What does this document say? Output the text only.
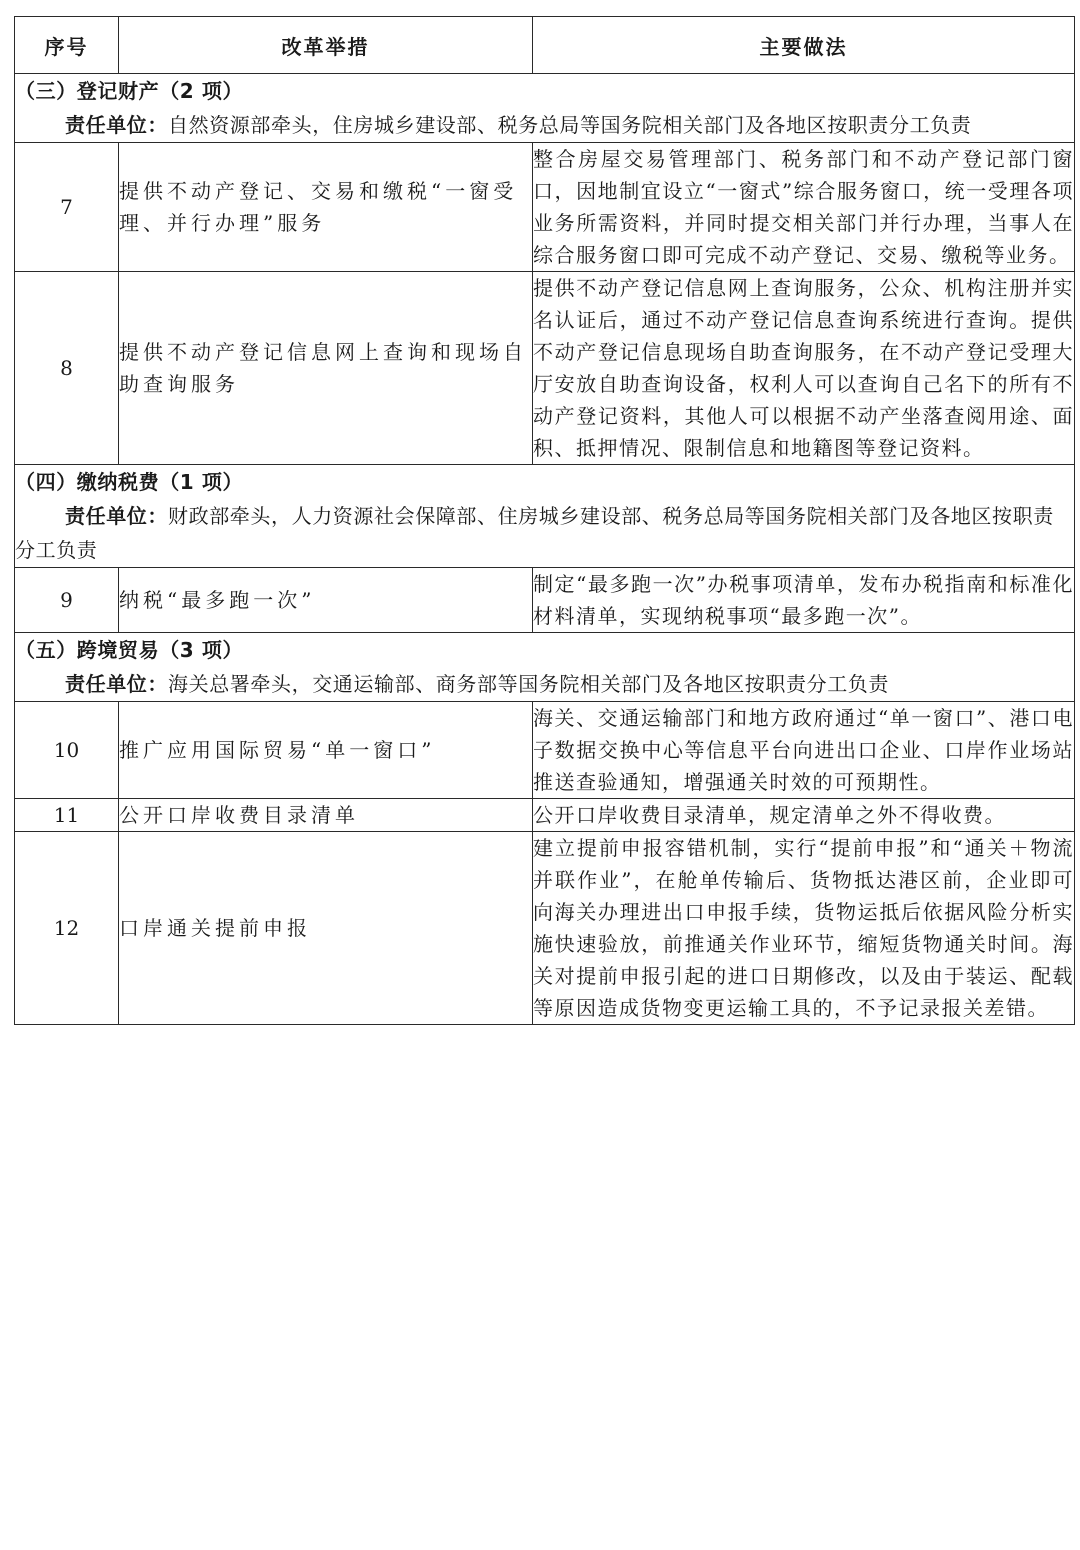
序号	改革举措	主要做法

（三）登记财产（2 项）
责任单位：自然资源部牵头，住房城乡建设部、税务总局等国务院相关部门及各地区按职责分工负责		

7	提供不动产登记、交易和缴税“一窗受理、并行办理”服务	整合房屋交易管理部门、税务部门和不动产登记部门窗口，因地制宜设立“一窗式”综合服务窗口，统一受理各项业务所需资料，并同时提交相关部门并行办理，当事人在综合服务窗口即可完成不动产登记、交易、缴税等业务。
8	提供不动产登记信息网上查询和现场自助查询服务	提供不动产登记信息网上查询服务，公众、机构注册并实名认证后，通过不动产登记信息查询系统进行查询。提供不动产登记信息现场自助查询服务，在不动产登记受理大厅安放自助查询设备，权利人可以查询自己名下的所有不动产登记资料，其他人可以根据不动产坐落查阅用途、面积、抵押情况、限制信息和地籍图等登记资料。

（四）缴纳税费（1 项）
责任单位：财政部牵头，人力资源社会保障部、住房城乡建设部、税务总局等国务院相关部门及各地区按职责分工负责		

9	纳税“最多跑一次”	制定“最多跑一次”办税事项清单，发布办税指南和标准化材料清单，实现纳税事项“最多跑一次”。

（五）跨境贸易（3 项）
责任单位：海关总署牵头，交通运输部、商务部等国务院相关部门及各地区按职责分工负责		

10	推广应用国际贸易“单一窗口”	海关、交通运输部门和地方政府通过“单一窗口”、港口电子数据交换中心等信息平台向进出口企业、口岸作业场站推送查验通知，增强通关时效的可预期性。
11	公开口岸收费目录清单	公开口岸收费目录清单，规定清单之外不得收费。
12	口岸通关提前申报	建立提前申报容错机制，实行“提前申报”和“通关＋物流并联作业”，在舱单传输后、货物抵达港区前，企业即可向海关办理进出口申报手续，货物运抵后依据风险分析实施快速验放，前推通关作业环节，缩短货物通关时间。海关对提前申报引起的进口日期修改，以及由于装运、配载等原因造成货物变更运输工具的，不予记录报关差错。
